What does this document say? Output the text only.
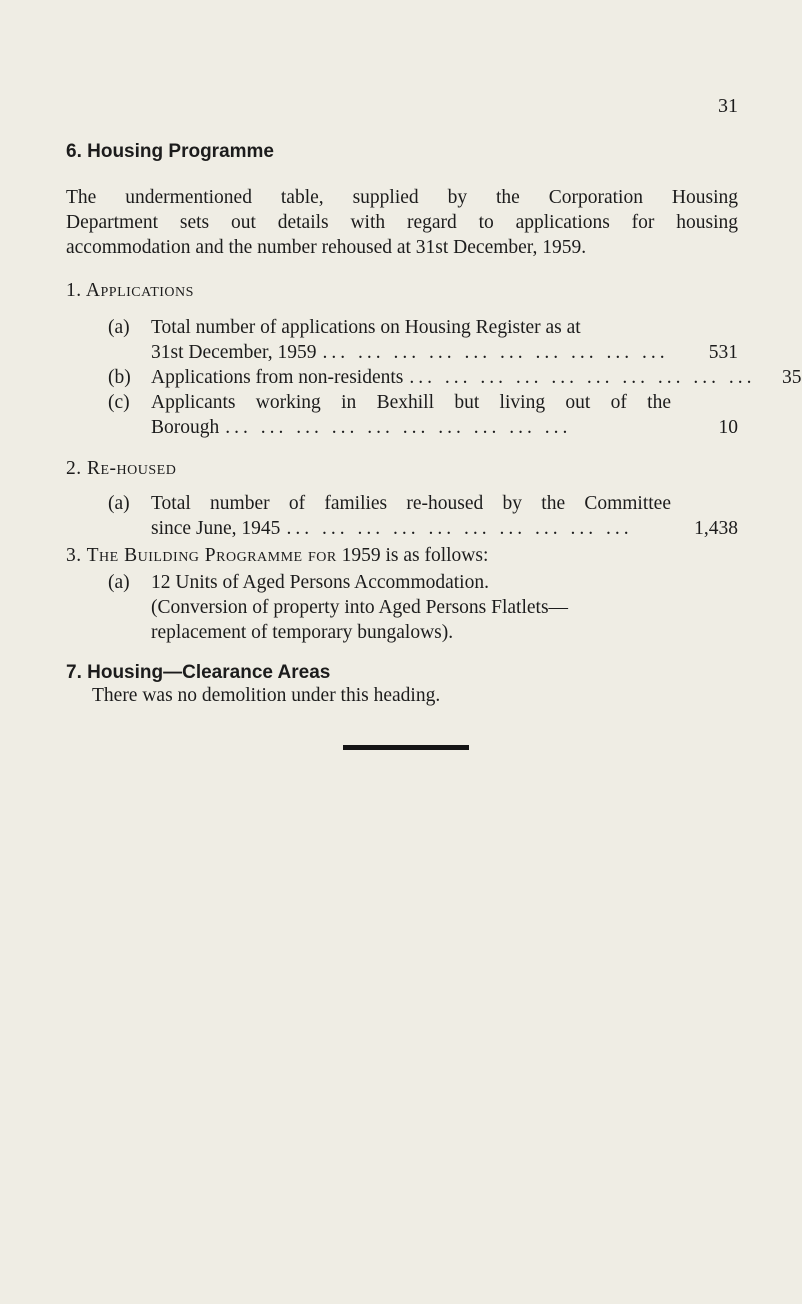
31
6. Housing Programme
The undermentioned table, supplied by the Corporation Housing
Department sets out details with regard to applications for housing
accommodation and the number rehoused at 31st December, 1959.
1. Applications
(a) Total number of applications on Housing Register as at
31st December, 1959 ... ... ... ... ... ... ... ... ... ...	531
(b) Applications from non-residents ... ... ... ... ... ... ... ... ... ...	35
(c) Applicants working in Bexhill but living out of the
Borough ... ... ... ... ... ... ... ... ... ...	10
2. Re-housed
(a) Total number of families re-housed by the Committee
since June, 1945 ... ... ... ... ... ... ... ... ... ...	1,438
3. The Building Programme for 1959 is as follows:
(a) 12 Units of Aged Persons Accommodation.
(Conversion of property into Aged Persons Flatlets—
replacement of temporary bungalows).
7. Housing—Clearance Areas
There was no demolition under this heading.
